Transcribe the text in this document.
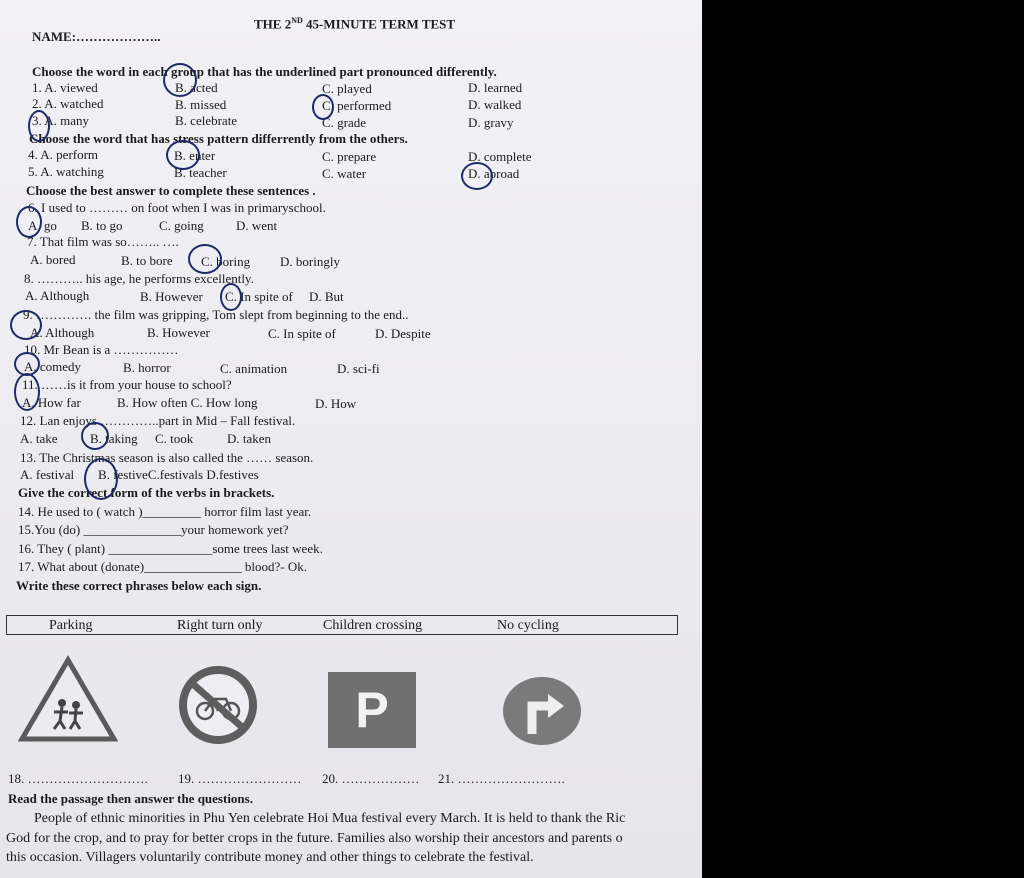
THE 2ND 45-MINUTE TERM TEST
NAME:………………..
Choose the word in each group that has the underlined part pronounced differently.
1. A. viewed	B. acted	C. played	D. learned
2. A. watched	B. missed	C. performed	D. walked
3. A. many	B. celebrate	C. grade	D. gravy
Choose the word that has stress pattern differrently from the others.
4. A. perform	B. enter	C. prepare	D. complete
5. A. watching	B. teacher	C. water	D. abroad
Choose the best answer to complete these sentences .
6. I used to ……… on foot when I was in primaryschool.
A. go B. to go	C. going D. went
7. That film was so…….. ….
A. bored	B. to bore C. boring D. boringly
8. ……….. his age, he performs excellently.
A. Although	B. However C. In spite of D. But
9. …………. the film was gripping, Tom slept from beginning to the end..
A. Although	B. However	C. In spite of	D. Despite
10. Mr Bean is a ……………
A. comedy	B. horror	C. animation	D. sci-fi
11. ……is it from your house to school?
A. How far	B. How often C. How long	D. How
12. Lan enjoys …………..part in Mid – Fall festival.
A. take B. taking C. took	D. taken
13. The Christmas season is also called the …… season.
A. festival B. festiveC.festivals D.festives
Give the correct form of the verbs in brackets.
14. He used to ( watch )_________ horror film last year.
15.You (do) _______________your homework yet?
16. They ( plant) ________________some trees last week.
17. What about (donate)_______________ blood?- Ok.
Write these correct phrases below each sign.
Parking	Right turn only	Children crossing	No cycling
P
18. ………………………. 19. …………………… 20. ……………… 21. …………………….
Read the passage then answer the questions.
People of ethnic minorities in Phu Yen celebrate Hoi Mua festival every March. It is held to thank the Ric
God for the crop, and to pray for better crops in the future. Families also worship their ancestors and parents o
this occasion. Villagers voluntarily contribute money and other things to celebrate the festival.
